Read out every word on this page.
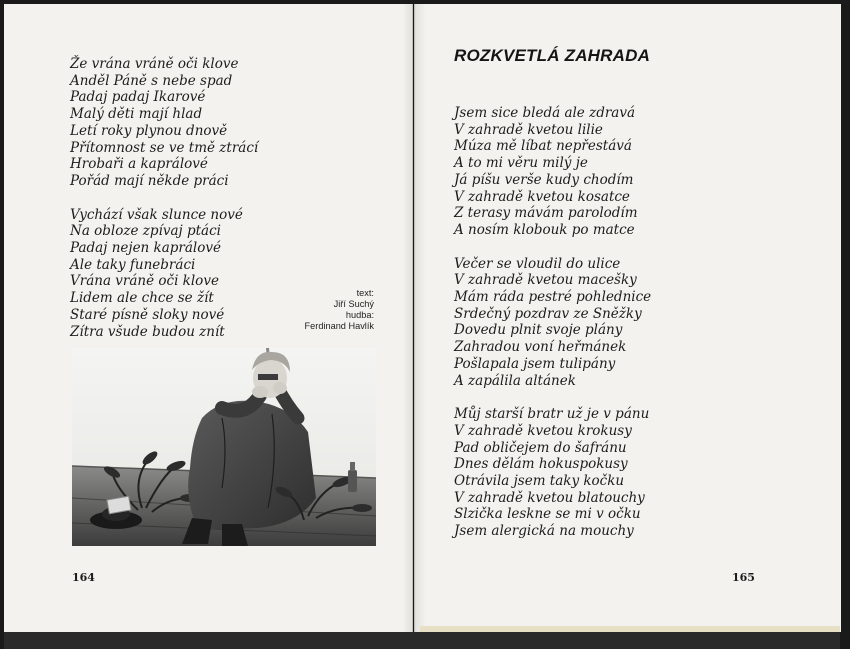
Že vrána vráně oči klove
Anděl Páně s nebe spad
Padaj padaj Ikarové
Malý děti mají hlad
Letí roky plynou dnově
Přítomnost se ve tmě ztrácí
Hrobaři a kaprálové
Pořád mají někde práci
Vychází však slunce nové
Na obloze zpívaj ptáci
Padaj nejen kaprálové
Ale taky funebráci
Vrána vráně oči klove
Lidem ale chce se žít
Staré písně sloky nové
Zítra všude budou znít
text:
Jiří Suchý
hudba:
Ferdinand Havlík
ROZKVETLÁ ZAHRADA
Jsem sice bledá ale zdravá
V zahradě kvetou lilie
Múza mě líbat nepřestává
A to mi věru milý je
Já píšu verše kudy chodím
V zahradě kvetou kosatce
Z terasy mávám parolodím
A nosím klobouk po matce
Večer se vloudil do ulice
V zahradě kvetou macešky
Mám ráda pestré pohlednice
Srdečný pozdrav ze Sněžky
Dovedu plnit svoje plány
Zahradou voní heřmánek
Pošlapala jsem tulipány
A zapálila altánek
Můj starší bratr už je v pánu
V zahradě kvetou krokusy
Pad obličejem do šafránu
Dnes dělám hokuspokusy
Otrávila jsem taky kočku
V zahradě kvetou blatouchy
Slzička leskne se mi v očku
Jsem alergická na mouchy
164	165
